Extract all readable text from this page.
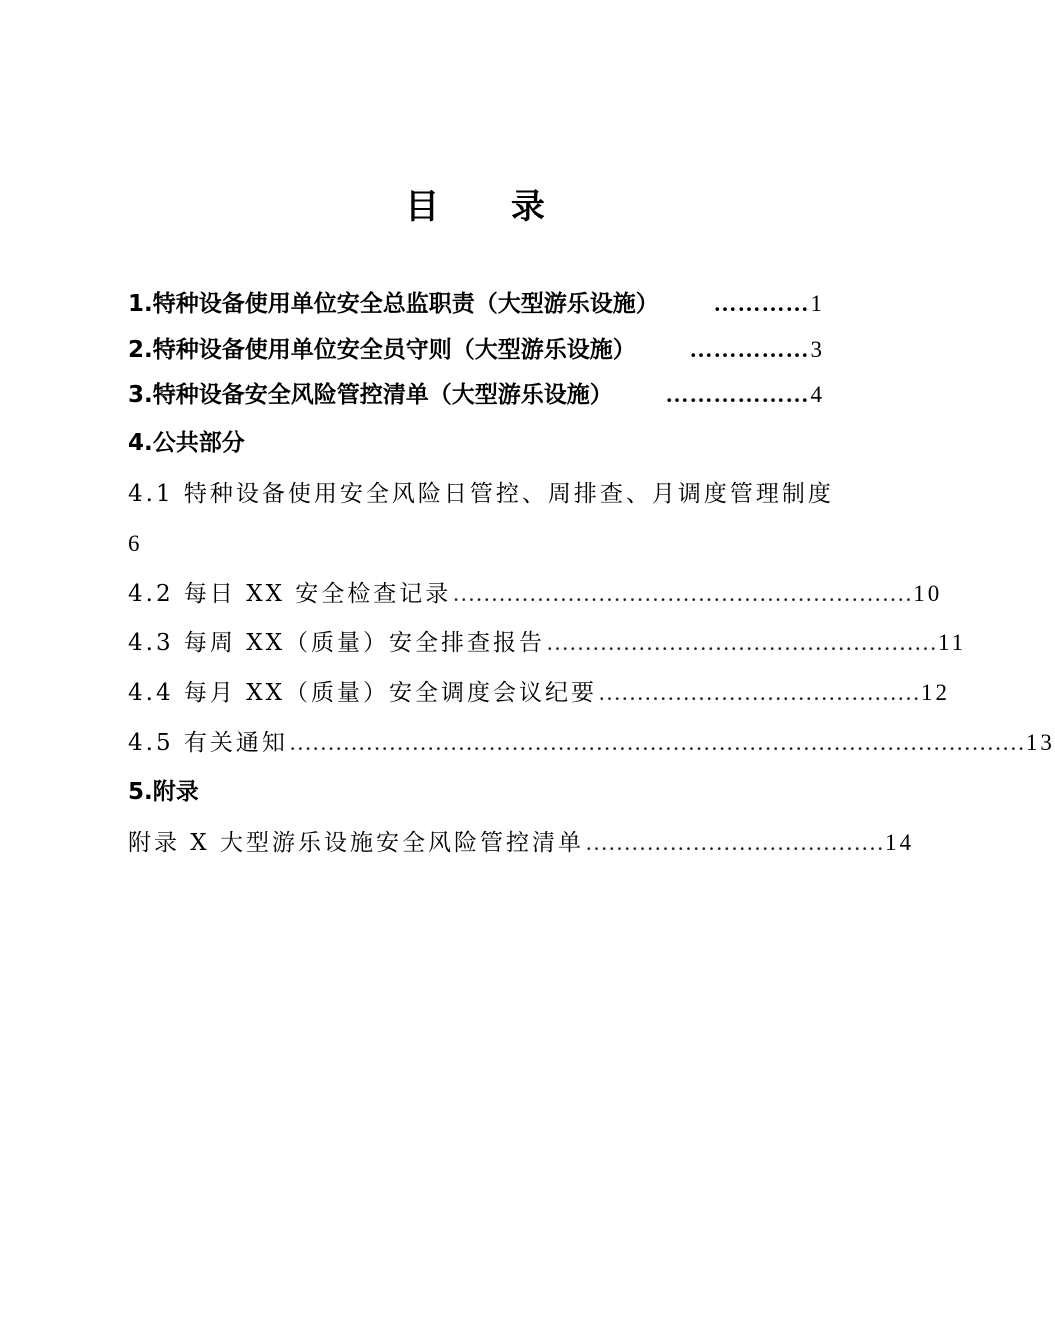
目 录
1.特种设备使用单位安全总监职责（大型游乐设施）	………… 1
2.特种设备使用单位安全员守则（大型游乐设施）	…………… 3
3.特种设备安全风险管控清单（大型游乐设施）	……………… 4
4.公共部分
4.1 特种设备使用安全风险日管控、周排查、月调度管理制度
6
4.2 每日 XX 安全检查记录 …………………………………………………… 10
4.3 每周 XX（质量）安全排查报告 …………………………………………… 11
4.4 每月 XX（质量）安全调度会议纪要 …………………………………… 12
4.5 有关通知 …………………………………………………………………………………… 13
5.附录
附录 X 大型游乐设施安全风险管控清单 ………………………………… 14
